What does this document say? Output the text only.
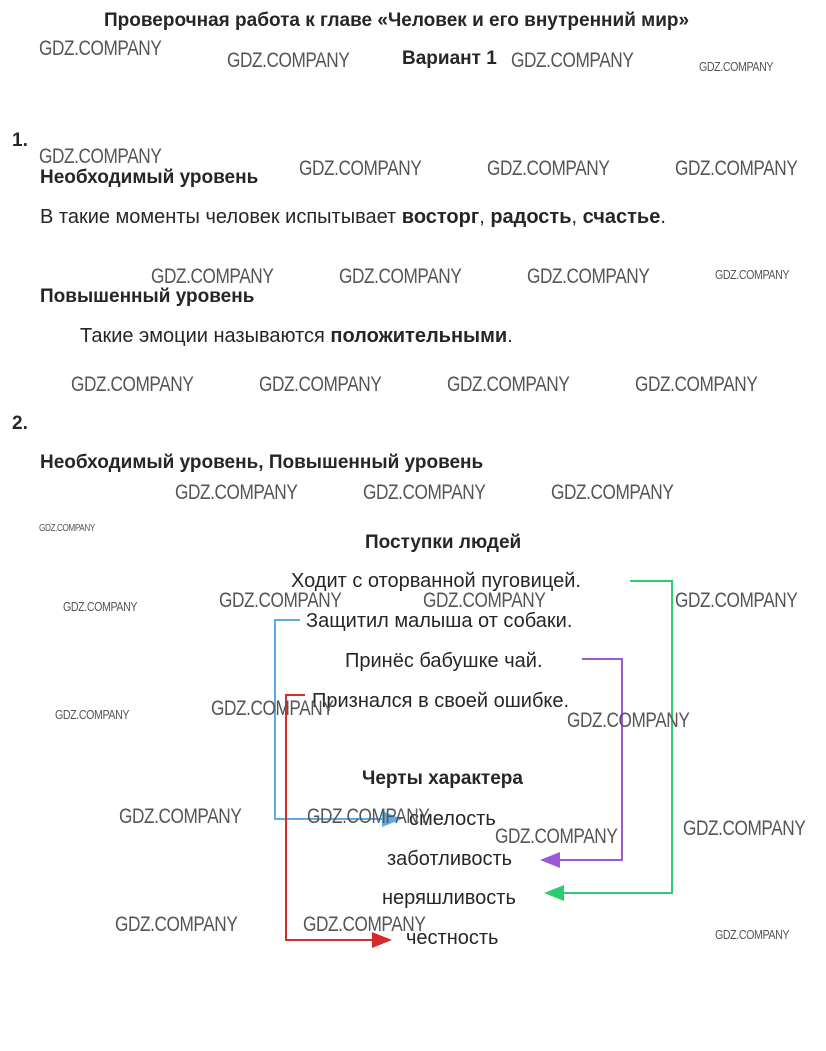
Проверочная работа к главе «Человек и его внутренний мир»
Вариант 1
1.
Необходимый уровень
В такие моменты человек испытывает восторг, радость, счастье.
Повышенный уровень
Такие эмоции называются положительными.
2.
Необходимый уровень, Повышенный уровень
Поступки людей
Ходит с оторванной пуговицей.
Защитил малыша от собаки.
Принёс бабушке чай.
Признался в своей ошибке.
Черты характера
смелость
заботливость
неряшливость
честность
GDZ.COMPANY
GDZ.COMPANY	GDZ.COMPANY	GDZ.COMPANY
GDZ.COMPANY
GDZ.COMPANY	GDZ.COMPANY	GDZ.COMPANY
GDZ.COMPANY	GDZ.COMPANY	GDZ.COMPANY	GDZ.COMPANY
GDZ.COMPANY	GDZ.COMPANY	GDZ.COMPANY	GDZ.COMPANY
GDZ.COMPANY	GDZ.COMPANY	GDZ.COMPANY
GDZ.COMPANY
GDZ.COMPANY	GDZ.COMPANY	GDZ.COMPANY	GDZ.COMPANY
GDZ.COMPANY	GDZ.COMPANY
GDZ.COMPANY
GDZ.COMPANY	GDZ.COMPANY
GDZ.COMPANY	GDZ.COMPANY
GDZ.COMPANY	GDZ.COMPANY	GDZ.COMPANY
